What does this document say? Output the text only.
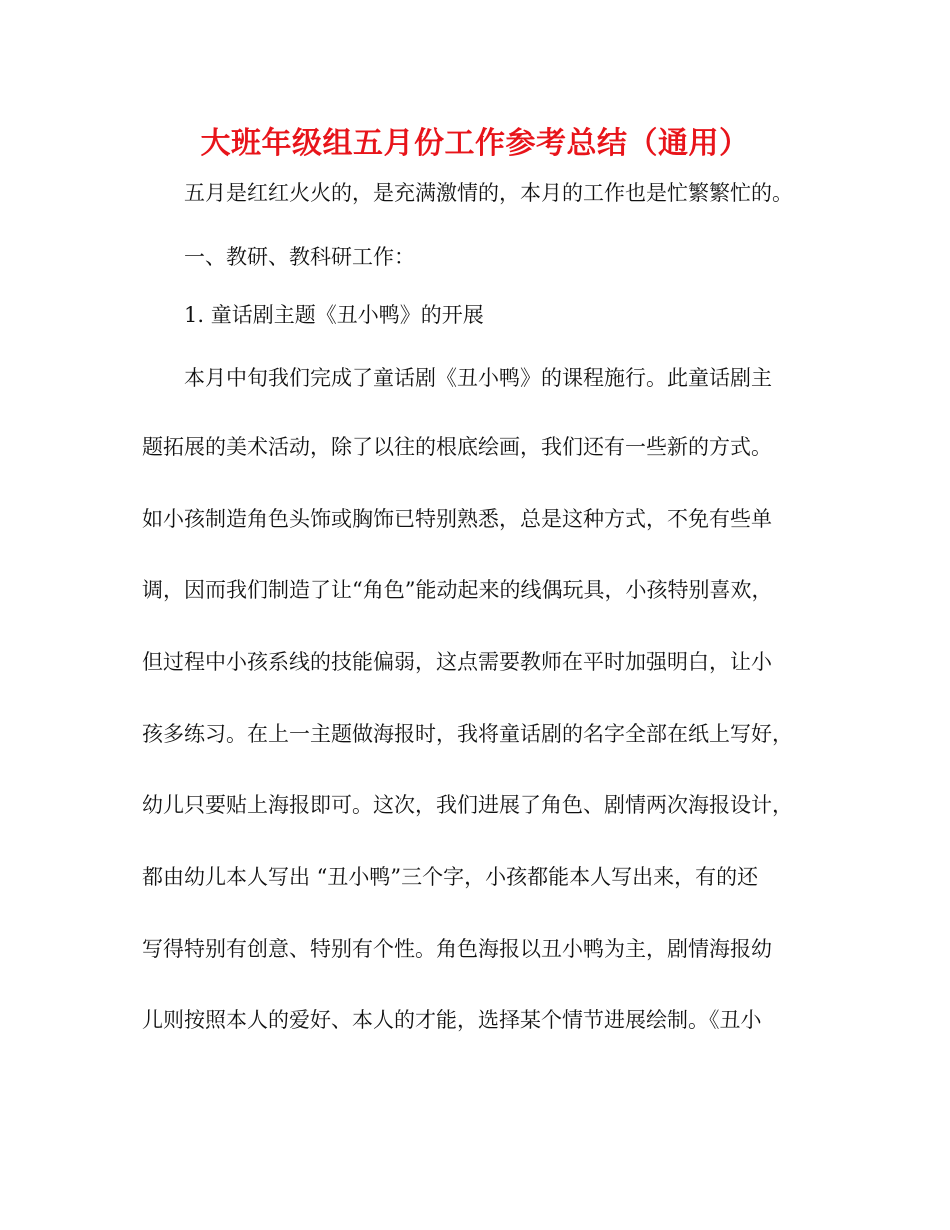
大班年级组五月份工作参考总结（通用）

五月是红红火火的，是充满激情的，本月的工作也是忙繁繁忙的。

一、教研、教科研工作：

1. 童话剧主题《丑小鸭》的开展

本月中旬我们完成了童话剧《丑小鸭》的课程施行。此童话剧主

题拓展的美术活动，除了以往的根底绘画，我们还有一些新的方式。

如小孩制造角色头饰或胸饰已特别熟悉，总是这种方式，不免有些单

调，因而我们制造了让“角色”能动起来的线偶玩具，小孩特别喜欢，

但过程中小孩系线的技能偏弱，这点需要教师在平时加强明白，让小

孩多练习。在上一主题做海报时，我将童话剧的名字全部在纸上写好，

幼儿只要贴上海报即可。这次，我们进展了角色、剧情两次海报设计，

都由幼儿本人写出 “丑小鸭”三个字，小孩都能本人写出来，有的还

写得特别有创意、特别有个性。角色海报以丑小鸭为主，剧情海报幼

儿则按照本人的爱好、本人的才能，选择某个情节进展绘制。《丑小
